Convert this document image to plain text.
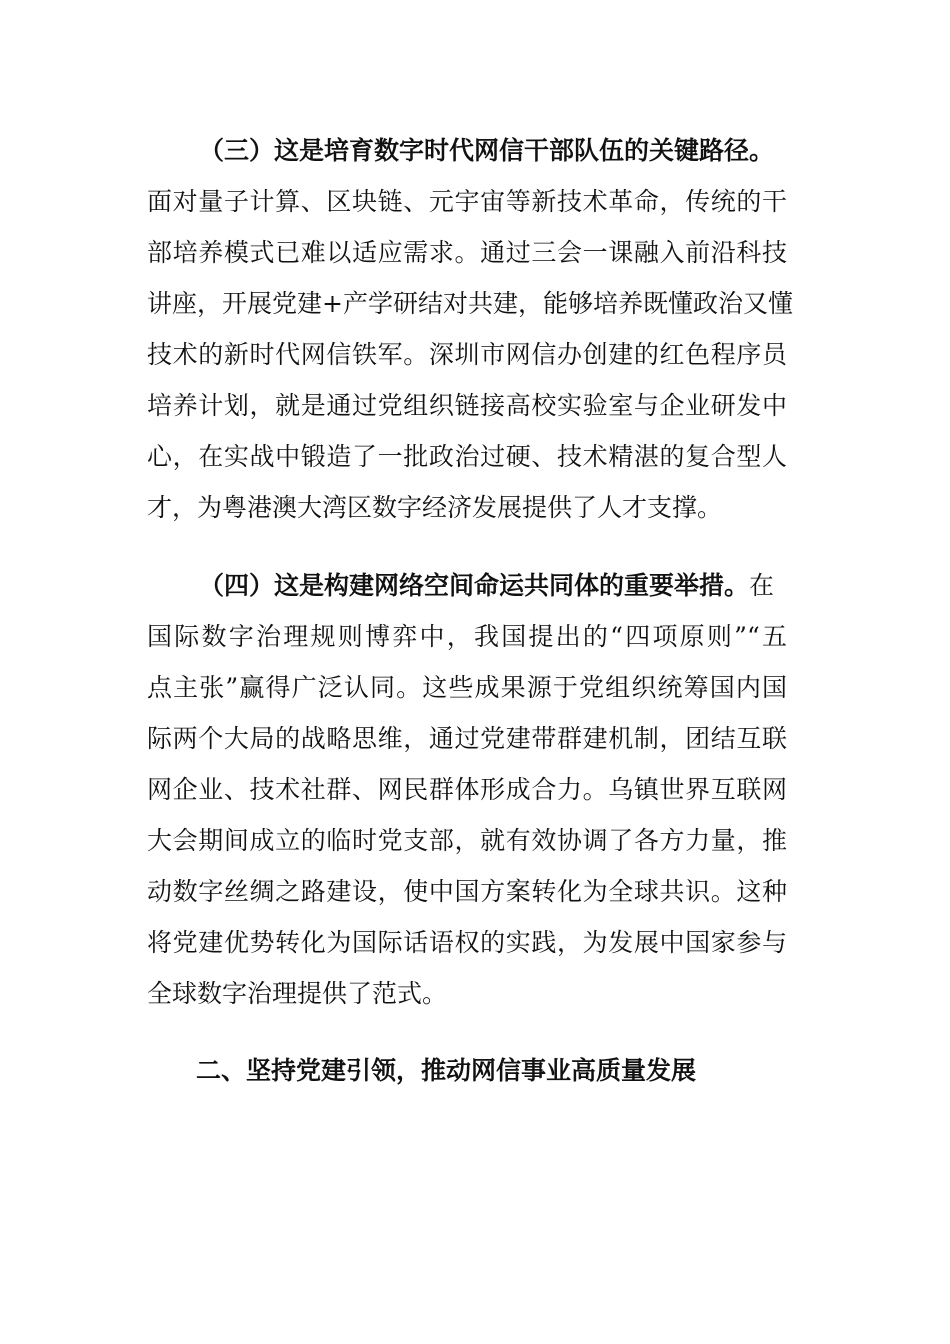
（三）这是培育数字时代网信干部队伍的关键路径。
面对量子计算、区块链、元宇宙等新技术革命，传统的干
部培养模式已难以适应需求。通过三会一课融入前沿科技
讲座，开展党建+产学研结对共建，能够培养既懂政治又懂
技术的新时代网信铁军。深圳市网信办创建的红色程序员
培养计划，就是通过党组织链接高校实验室与企业研发中
心，在实战中锻造了一批政治过硬、技术精湛的复合型人
才，为粤港澳大湾区数字经济发展提供了人才支撑。
（四）这是构建网络空间命运共同体的重要举措。在
国际数字治理规则博弈中，我国提出的“四项原则”“五
点主张”赢得广泛认同。这些成果源于党组织统筹国内国
际两个大局的战略思维，通过党建带群建机制，团结互联
网企业、技术社群、网民群体形成合力。乌镇世界互联网
大会期间成立的临时党支部，就有效协调了各方力量，推
动数字丝绸之路建设，使中国方案转化为全球共识。这种
将党建优势转化为国际话语权的实践，为发展中国家参与
全球数字治理提供了范式。
二、坚持党建引领，推动网信事业高质量发展
